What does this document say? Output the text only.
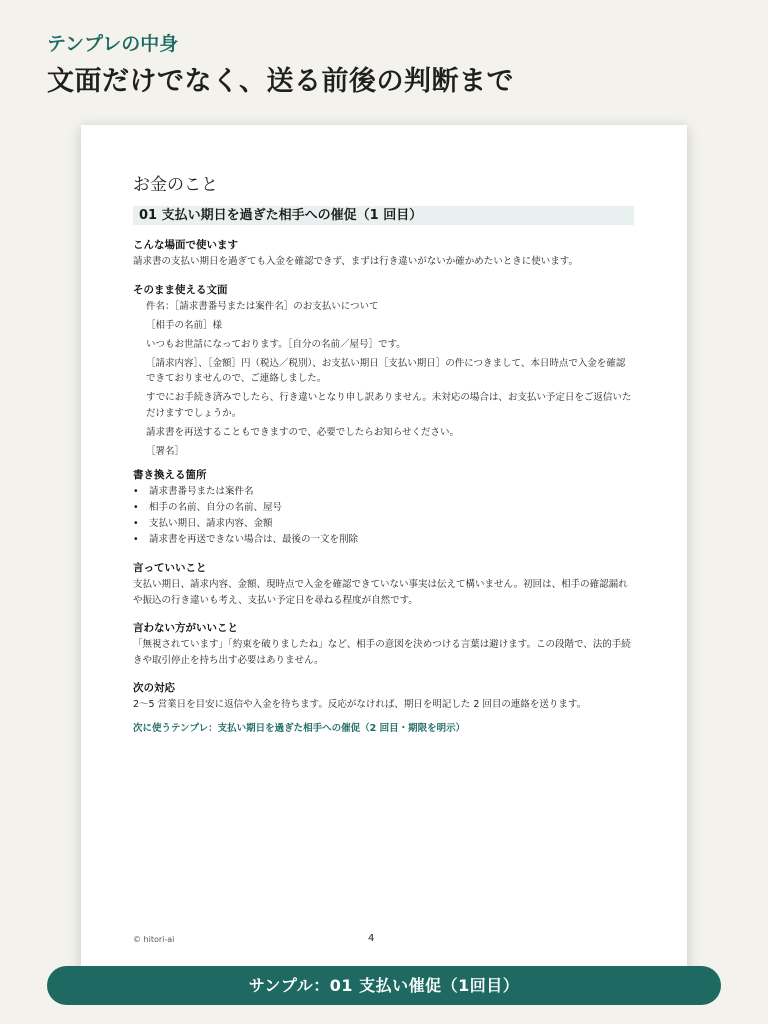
テンプレの中身

文面だけでなく、送る前後の判断まで
お金のこと
01 支払い期日を過ぎた相手への催促（1 回目）

こんな場面で使います

請求書の支払い期日を過ぎても入金を確認できず、まずは行き違いがないか確かめたいときに使います。

そのまま使える文面

件名：［請求書番号または案件名］のお支払いについて

［相手の名前］様

いつもお世話になっております。［自分の名前／屋号］です。

［請求内容］、［金額］円（税込／税別）、お支払い期日［支払い期日］の件につきまして、本日時点で入金を確認できておりませんので、ご連絡しました。

すでにお手続き済みでしたら、行き違いとなり申し訳ありません。未対応の場合は、お支払い予定日をご返信いただけますでしょうか。

請求書を再送することもできますので、必要でしたらお知らせください。

［署名］

書き換える箇所

• 請求書番号または案件名
• 相手の名前、自分の名前、屋号
• 支払い期日、請求内容、金額
• 請求書を再送できない場合は、最後の一文を削除

言っていいこと

支払い期日、請求内容、金額、現時点で入金を確認できていない事実は伝えて構いません。初回は、相手の確認漏れや振込の行き違いも考え、支払い予定日を尋ねる程度が自然です。

言わない方がいいこと

「無視されています」「約束を破りましたね」など、相手の意図を決めつける言葉は避けます。この段階で、法的手続きや取引停止を持ち出す必要はありません。

次の対応

2〜5 営業日を目安に返信や入金を待ちます。反応がなければ、期日を明記した 2 回目の連絡を送ります。

次に使うテンプレ：支払い期日を過ぎた相手への催促（2 回目・期限を明示）

© hitori-ai	4
サンプル：01 支払い催促（1回目）
